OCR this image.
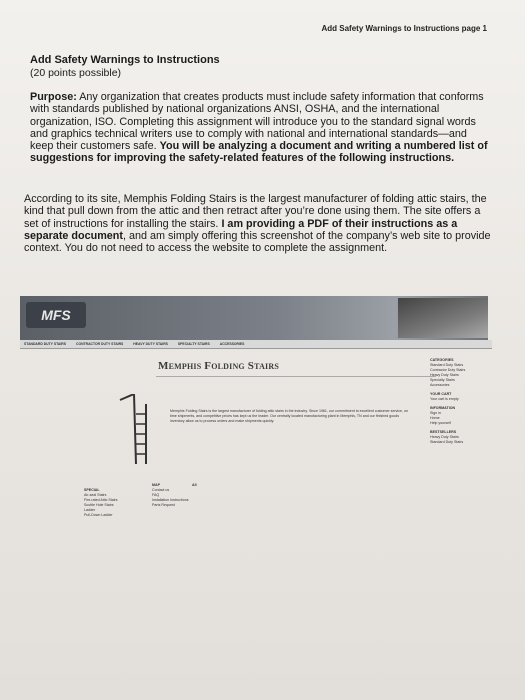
Add Safety Warnings to Instructions page 1
Add Safety Warnings to Instructions
(20 points possible)
Purpose: Any organization that creates products must include safety information that conforms with standards published by national organizations ANSI, OSHA, and the international organization, ISO. Completing this assignment will introduce you to the standard signal words and graphics technical writers use to comply with national and international standards—and keep their customers safe. You will be analyzing a document and writing a numbered list of suggestions for improving the safety-related features of the following instructions.
According to its site, Memphis Folding Stairs is the largest manufacturer of folding attic stairs, the kind that pull down from the attic and then retract after you’re done using them. The site offers a set of instructions for installing the stairs. I am providing a PDF of their instructions as a separate document, and am simply offering this screenshot of the company’s web site to provide context. You do not need to access the website to complete the assignment.
MFS
STANDARD DUTY STAIRS	CONTRACTOR DUTY STAIRS	HEAVY DUTY STAIRS	SPECIALTY STAIRS	ACCESSORIES
Memphis Folding Stairs
Memphis Folding Stairs is the largest manufacturer of folding attic stairs in the industry. Since 1961, our commitment to excellent customer service, on time shipments, and competitive prices has kept us the leader. Our centrally located manufacturing plant in Memphis, TN and our finished goods inventory allow us to process orders and make shipments quickly.
CATEGORIES
Standard Duty Stairs
Contractor Duty Stairs
Heavy Duty Stairs
Specialty Stairs
Accessories
YOUR CART
Your cart is empty
INFORMATION
Sign in
Home
Help yourself
BESTSELLERS
Heavy Duty Stairs
Standard Duty Stairs
SPECIAL
Air-seal Stairs
Fire-rated Attic Stairs
Scuttle Hole Stairs
Ladder
Pull-Down Ladder
MAP
Contact us
FAQ
Installation Instructions
Parts Request
All
